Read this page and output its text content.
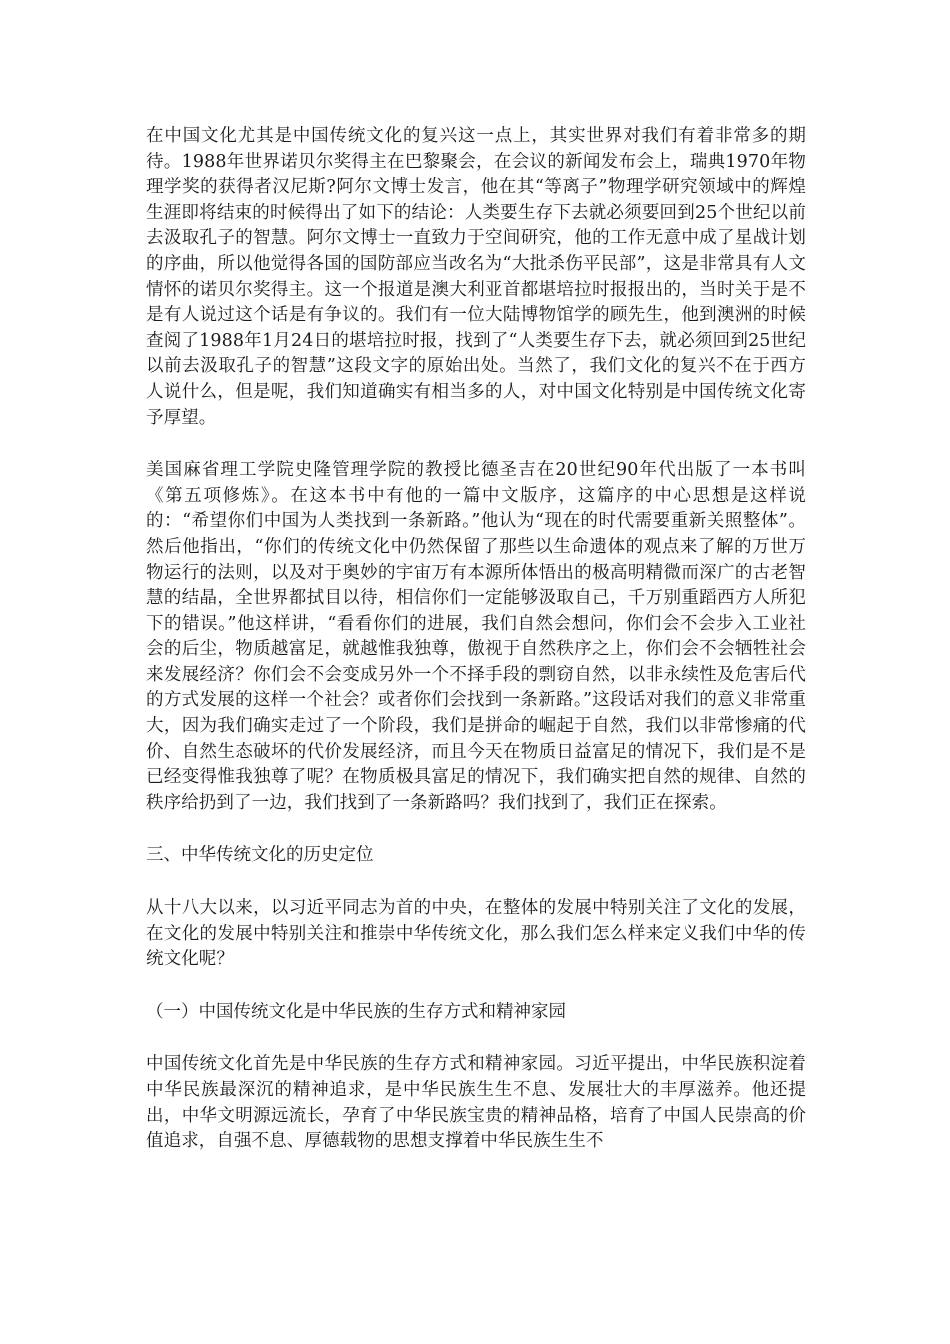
在中国文化尤其是中国传统文化的复兴这一点上，其实世界对我们有着非常多的期待。1988年世界诺贝尔奖得主在巴黎聚会，在会议的新闻发布会上，瑞典1970年物理学奖的获得者汉尼斯?阿尔文博士发言，他在其“等离子”物理学研究领域中的辉煌生涯即将结束的时候得出了如下的结论：人类要生存下去就必须要回到25个世纪以前去汲取孔子的智慧。阿尔文博士一直致力于空间研究，他的工作无意中成了星战计划的序曲，所以他觉得各国的国防部应当改名为“大批杀伤平民部”，这是非常具有人文情怀的诺贝尔奖得主。这一个报道是澳大利亚首都堪培拉时报报出的，当时关于是不是有人说过这个话是有争议的。我们有一位大陆博物馆学的顾先生，他到澳洲的时候查阅了1988年1月24日的堪培拉时报，找到了“人类要生存下去，就必须回到25世纪以前去汲取孔子的智慧”这段文字的原始出处。当然了，我们文化的复兴不在于西方人说什么，但是呢，我们知道确实有相当多的人，对中国文化特别是中国传统文化寄予厚望。

美国麻省理工学院史隆管理学院的教授比德圣吉在20世纪90年代出版了一本书叫《第五项修炼》。在这本书中有他的一篇中文版序，这篇序的中心思想是这样说的：“希望你们中国为人类找到一条新路。”他认为“现在的时代需要重新关照整体”。然后他指出，“你们的传统文化中仍然保留了那些以生命遗体的观点来了解的万世万物运行的法则，以及对于奥妙的宇宙万有本源所体悟出的极高明精微而深广的古老智慧的结晶，全世界都拭目以待，相信你们一定能够汲取自己，千万别重蹈西方人所犯下的错误。”他这样讲，“看看你们的进展，我们自然会想问，你们会不会步入工业社会的后尘，物质越富足，就越惟我独尊，傲视于自然秩序之上，你们会不会牺牲社会来发展经济？你们会不会变成另外一个不择手段的剽窃自然，以非永续性及危害后代的方式发展的这样一个社会？或者你们会找到一条新路。”这段话对我们的意义非常重大，因为我们确实走过了一个阶段，我们是拼命的崛起于自然，我们以非常惨痛的代价、自然生态破坏的代价发展经济，而且今天在物质日益富足的情况下，我们是不是已经变得惟我独尊了呢？在物质极具富足的情况下，我们确实把自然的规律、自然的秩序给扔到了一边，我们找到了一条新路吗？我们找到了，我们正在探索。

三、中华传统文化的历史定位

从十八大以来，以习近平同志为首的中央，在整体的发展中特别关注了文化的发展，在文化的发展中特别关注和推崇中华传统文化，那么我们怎么样来定义我们中华的传统文化呢？

（一）中国传统文化是中华民族的生存方式和精神家园

中国传统文化首先是中华民族的生存方式和精神家园。习近平提出，中华民族积淀着中华民族最深沉的精神追求，是中华民族生生不息、发展壮大的丰厚滋养。他还提出，中华文明源远流长，孕育了中华民族宝贵的精神品格，培育了中国人民崇高的价值追求，自强不息、厚德载物的思想支撑着中华民族生生不
